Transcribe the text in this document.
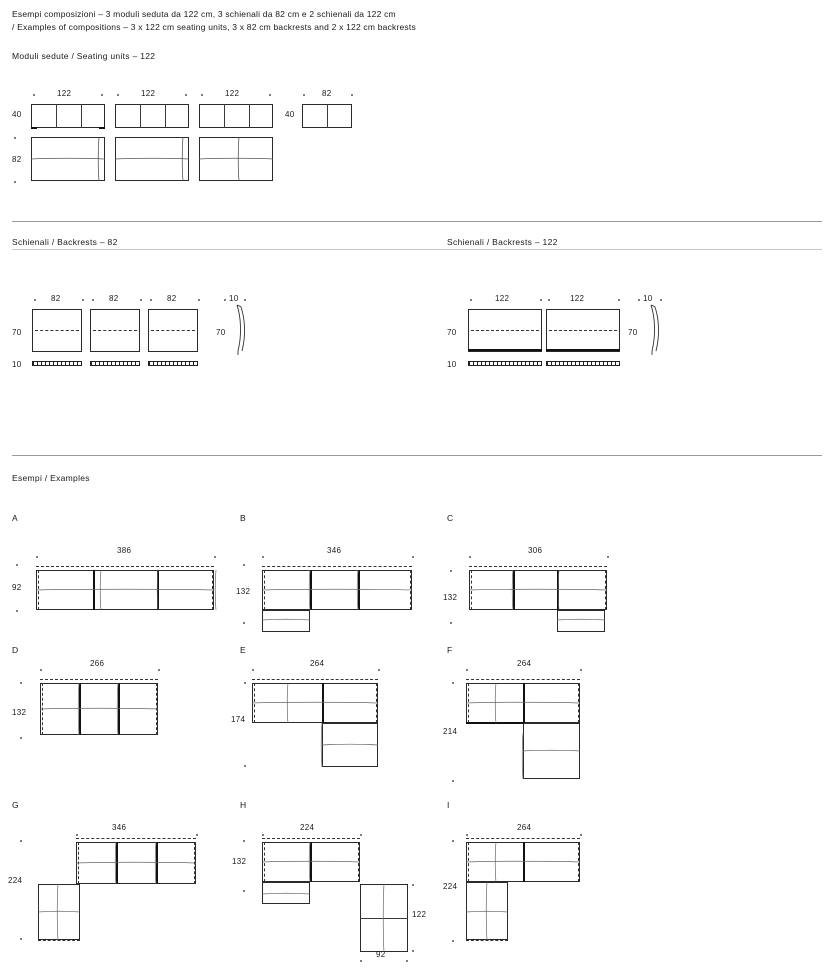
Esempi composizioni – 3 moduli seduta da 122 cm, 3 schienali da 82 cm e 2 schienali da 122 cm
/ Examples of compositions – 3 x 122 cm seating units, 3 x 82 cm backrests and 2 x 122 cm backrests
Moduli sedute / Seating units – 122
122
40
122	122	82
40
82
Schienali / Backrests – 82	Schienali / Backrests – 122
82	82	82
70
10
10
70
122	122
70
10
10
70
Esempi / Examples
A
386
92
B
346
132
C
306
132
D
266
132
E
264
174
F
264
214
G
346
224
H
224
132
122
92
I
264
224
